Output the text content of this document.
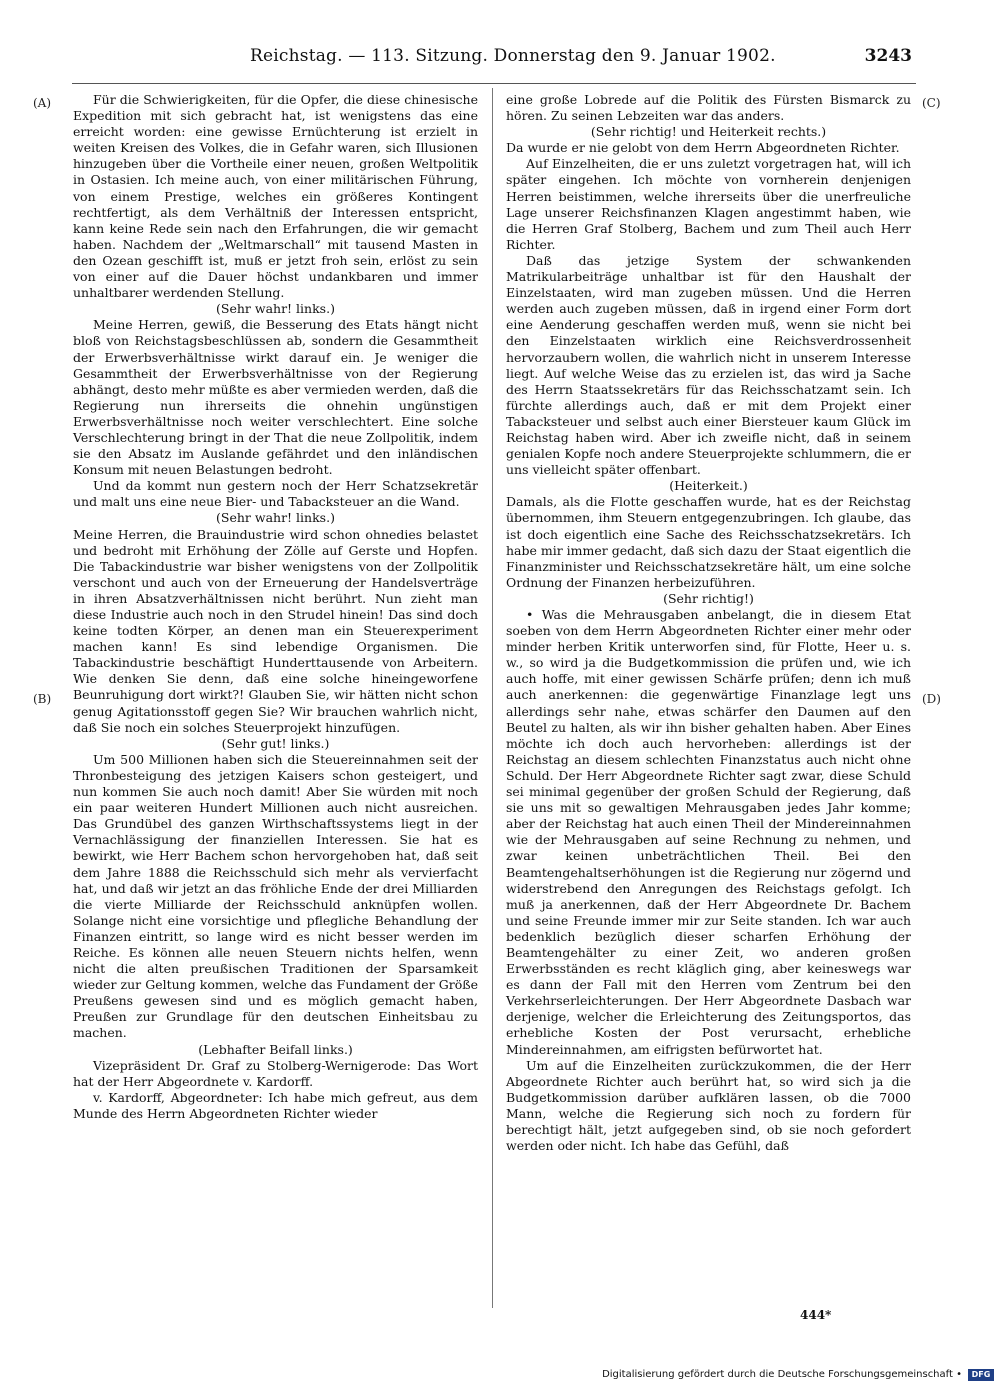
Reichstag. — 113. Sitzung. Donnerstag den 9. Januar 1902.	3243
(A)
(B)
(C)
(D)

Für die Schwierigkeiten, für die Opfer, die diese chinesische Expedition mit sich gebracht hat, ist wenigstens das eine erreicht worden: eine gewisse Ernüchterung ist erzielt in weiten Kreisen des Volkes, die in Gefahr waren, sich Illusionen hinzugeben über die Vortheile einer neuen, großen Weltpolitik in Ostasien. Ich meine auch, von einer militärischen Führung, von einem Prestige, welches ein größeres Kontingent rechtfertigt, als dem Verhältniß der Interessen entspricht, kann keine Rede sein nach den Erfahrungen, die wir gemacht haben. Nachdem der „Weltmarschall“ mit tausend Masten in den Ozean geschifft ist, muß er jetzt froh sein, erlöst zu sein von einer auf die Dauer höchst undankbaren und immer unhaltbarer werdenden Stellung.

(Sehr wahr! links.)

Meine Herren, gewiß, die Besserung des Etats hängt nicht bloß von Reichstagsbeschlüssen ab, sondern die Gesammtheit der Erwerbsverhältnisse wirkt darauf ein. Je weniger die Gesammtheit der Erwerbsverhältnisse von der Regierung abhängt, desto mehr müßte es aber vermieden werden, daß die Regierung nun ihrerseits die ohnehin ungünstigen Erwerbsverhältnisse noch weiter verschlechtert. Eine solche Verschlechterung bringt in der That die neue Zollpolitik, indem sie den Absatz im Auslande gefährdet und den inländischen Konsum mit neuen Belastungen bedroht.

Und da kommt nun gestern noch der Herr Schatzsekretär und malt uns eine neue Bier- und Tabacksteuer an die Wand.

(Sehr wahr! links.)

Meine Herren, die Brauindustrie wird schon ohnedies belastet und bedroht mit Erhöhung der Zölle auf Gerste und Hopfen. Die Tabackindustrie war bisher wenigstens von der Zollpolitik verschont und auch von der Erneuerung der Handelsverträge in ihren Absatzverhältnissen nicht berührt. Nun zieht man diese Industrie auch noch in den Strudel hinein! Das sind doch keine todten Körper, an denen man ein Steuerexperiment machen kann! Es sind lebendige Organismen. Die Tabackindustrie beschäftigt Hunderttausende von Arbeitern. Wie denken Sie denn, daß eine solche hineingeworfene Beunruhigung dort wirkt?! Glauben Sie, wir hätten nicht schon genug Agitationsstoff gegen Sie? Wir brauchen wahrlich nicht, daß Sie noch ein solches Steuerprojekt hinzufügen.

(Sehr gut! links.)

Um 500 Millionen haben sich die Steuereinnahmen seit der Thronbesteigung des jetzigen Kaisers schon gesteigert, und nun kommen Sie auch noch damit! Aber Sie würden mit noch ein paar weiteren Hundert Millionen auch nicht ausreichen. Das Grundübel des ganzen Wirthschaftssystems liegt in der Vernachlässigung der finanziellen Interessen. Sie hat es bewirkt, wie Herr Bachem schon hervorgehoben hat, daß seit dem Jahre 1888 die Reichsschuld sich mehr als vervierfacht hat, und daß wir jetzt an das fröhliche Ende der drei Milliarden die vierte Milliarde der Reichsschuld anknüpfen wollen. Solange nicht eine vorsichtige und pflegliche Behandlung der Finanzen eintritt, so lange wird es nicht besser werden im Reiche. Es können alle neuen Steuern nichts helfen, wenn nicht die alten preußischen Traditionen der Sparsamkeit wieder zur Geltung kommen, welche das Fundament der Größe Preußens gewesen sind und es möglich gemacht haben, Preußen zur Grundlage für den deutschen Einheitsbau zu machen.

(Lebhafter Beifall links.)

Vizepräsident Dr. Graf zu Stolberg-Wernigerode: Das Wort hat der Herr Abgeordnete v. Kardorff.

v. Kardorff, Abgeordneter: Ich habe mich gefreut, aus dem Munde des Herrn Abgeordneten Richter wieder

eine große Lobrede auf die Politik des Fürsten Bismarck zu hören. Zu seinen Lebzeiten war das anders.

(Sehr richtig! und Heiterkeit rechts.)

Da wurde er nie gelobt von dem Herrn Abgeordneten Richter.

Auf Einzelheiten, die er uns zuletzt vorgetragen hat, will ich später eingehen. Ich möchte von vornherein denjenigen Herren beistimmen, welche ihrerseits über die unerfreuliche Lage unserer Reichsfinanzen Klagen angestimmt haben, wie die Herren Graf Stolberg, Bachem und zum Theil auch Herr Richter.

Daß das jetzige System der schwankenden Matrikularbeiträge unhaltbar ist für den Haushalt der Einzelstaaten, wird man zugeben müssen. Und die Herren werden auch zugeben müssen, daß in irgend einer Form dort eine Aenderung geschaffen werden muß, wenn sie nicht bei den Einzelstaaten wirklich eine Reichsverdrossenheit hervorzaubern wollen, die wahrlich nicht in unserem Interesse liegt. Auf welche Weise das zu erzielen ist, das wird ja Sache des Herrn Staatssekretärs für das Reichsschatzamt sein. Ich fürchte allerdings auch, daß er mit dem Projekt einer Tabacksteuer und selbst auch einer Biersteuer kaum Glück im Reichstag haben wird. Aber ich zweifle nicht, daß in seinem genialen Kopfe noch andere Steuerprojekte schlummern, die er uns vielleicht später offenbart.

(Heiterkeit.)

Damals, als die Flotte geschaffen wurde, hat es der Reichstag übernommen, ihm Steuern entgegenzubringen. Ich glaube, das ist doch eigentlich eine Sache des Reichsschatzsekretärs. Ich habe mir immer gedacht, daß sich dazu der Staat eigentlich die Finanzminister und Reichsschatzsekretäre hält, um eine solche Ordnung der Finanzen herbeizuführen.

(Sehr richtig!)

• Was die Mehrausgaben anbelangt, die in diesem Etat soeben von dem Herrn Abgeordneten Richter einer mehr oder minder herben Kritik unterworfen sind, für Flotte, Heer u. s. w., so wird ja die Budgetkommission die prüfen und, wie ich auch hoffe, mit einer gewissen Schärfe prüfen; denn ich muß auch anerkennen: die gegenwärtige Finanzlage legt uns allerdings sehr nahe, etwas schärfer den Daumen auf den Beutel zu halten, als wir ihn bisher gehalten haben. Aber Eines möchte ich doch auch hervorheben: allerdings ist der Reichstag an diesem schlechten Finanzstatus auch nicht ohne Schuld. Der Herr Abgeordnete Richter sagt zwar, diese Schuld sei minimal gegenüber der großen Schuld der Regierung, daß sie uns mit so gewaltigen Mehrausgaben jedes Jahr komme; aber der Reichstag hat auch einen Theil der Mindereinnahmen wie der Mehrausgaben auf seine Rechnung zu nehmen, und zwar keinen unbeträchtlichen Theil. Bei den Beamtengehaltserhöhungen ist die Regierung nur zögernd und widerstrebend den Anregungen des Reichstags gefolgt. Ich muß ja anerkennen, daß der Herr Abgeordnete Dr. Bachem und seine Freunde immer mir zur Seite standen. Ich war auch bedenklich bezüglich dieser scharfen Erhöhung der Beamtengehälter zu einer Zeit, wo anderen großen Erwerbsständen es recht kläglich ging, aber keineswegs war es dann der Fall mit den Herren vom Zentrum bei den Verkehrserleichterungen. Der Herr Abgeordnete Dasbach war derjenige, welcher die Erleichterung des Zeitungsportos, das erhebliche Kosten der Post verursacht, erhebliche Mindereinnahmen, am eifrigsten befürwortet hat.

Um auf die Einzelheiten zurückzukommen, die der Herr Abgeordnete Richter auch berührt hat, so wird sich ja die Budgetkommission darüber aufklären lassen, ob die 7000 Mann, welche die Regierung sich noch zu fordern für berechtigt hält, jetzt aufgegeben sind, ob sie noch gefordert werden oder nicht. Ich habe das Gefühl, daß

444*
Digitalisierung gefördert durch die Deutsche Forschungsgemeinschaft •	DFG
